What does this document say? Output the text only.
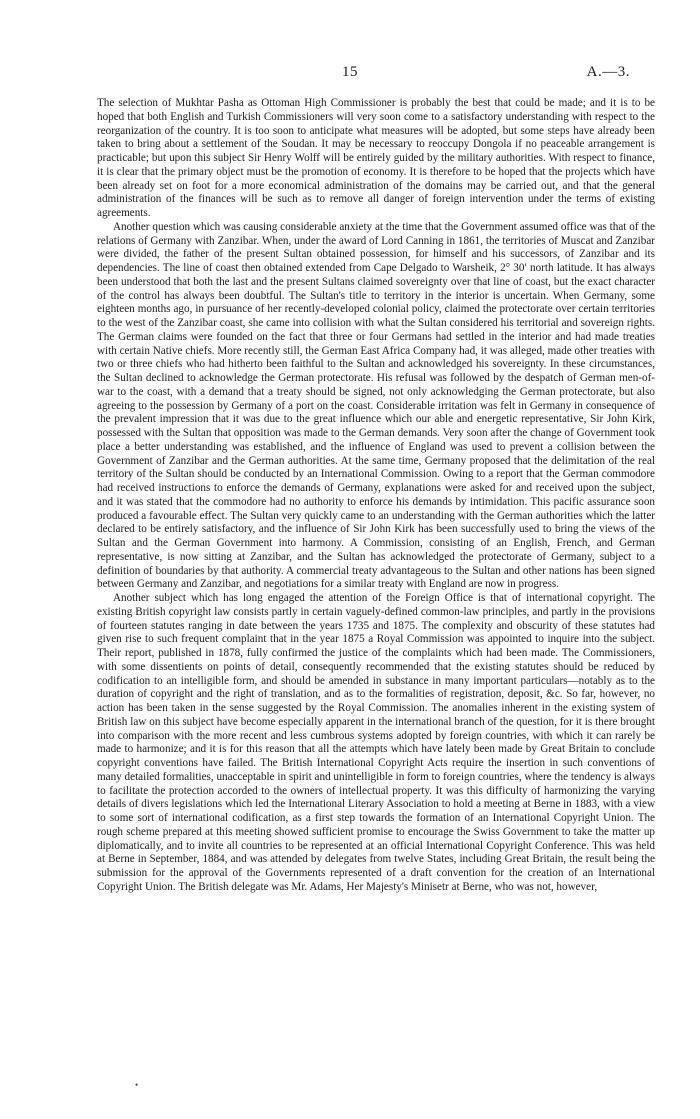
15	A.—3.

The selection of Mukhtar Pasha as Ottoman High Commissioner is probably the best that could be made; and it is to be hoped that both English and Turkish Commissioners will very soon come to a satisfactory understanding with respect to the reorganization of the country. It is too soon to anticipate what measures will be adopted, but some steps have already been taken to bring about a settlement of the Soudan. It may be necessary to reoccupy Dongola if no peaceable arrangement is practicable; but upon this subject Sir Henry Wolff will be entirely guided by the military authorities. With respect to finance, it is clear that the primary object must be the promotion of economy. It is therefore to be hoped that the projects which have been already set on foot for a more economical administration of the domains may be carried out, and that the general administration of the finances will be such as to remove all danger of foreign intervention under the terms of existing agreements.

Another question which was causing considerable anxiety at the time that the Government assumed office was that of the relations of Germany with Zanzibar. When, under the award of Lord Canning in 1861, the territories of Muscat and Zanzibar were divided, the father of the present Sultan obtained possession, for himself and his successors, of Zanzibar and its dependencies. The line of coast then obtained extended from Cape Delgado to Warsheik, 2° 30′ north latitude. It has always been understood that both the last and the present Sultans claimed sovereignty over that line of coast, but the exact character of the control has always been doubtful. The Sultan's title to territory in the interior is uncertain. When Germany, some eighteen months ago, in pursuance of her recently-developed colonial policy, claimed the protectorate over certain territories to the west of the Zanzibar coast, she came into collision with what the Sultan considered his territorial and sovereign rights. The German claims were founded on the fact that three or four Germans had settled in the interior and had made treaties with certain Native chiefs. More recently still, the German East Africa Company had, it was alleged, made other treaties with two or three chiefs who had hitherto been faithful to the Sultan and acknowledged his sovereignty. In these circumstances, the Sultan declined to acknowledge the German protectorate. His refusal was followed by the despatch of German men-of-war to the coast, with a demand that a treaty should be signed, not only acknowledging the German protectorate, but also agreeing to the possession by Germany of a port on the coast. Considerable irritation was felt in Germany in consequence of the prevalent impression that it was due to the great influence which our able and energetic representative, Sir John Kirk, possessed with the Sultan that opposition was made to the German demands. Very soon after the change of Government took place a better understanding was established, and the influence of England was used to prevent a collision between the Government of Zanzibar and the German authorities. At the same time, Germany proposed that the delimitation of the real territory of the Sultan should be conducted by an International Commission. Owing to a report that the German commodore had received instructions to enforce the demands of Germany, explanations were asked for and received upon the subject, and it was stated that the commodore had no authority to enforce his demands by intimidation. This pacific assurance soon produced a favourable effect. The Sultan very quickly came to an understanding with the German authorities which the latter declared to be entirely satisfactory, and the influence of Sir John Kirk has been successfully used to bring the views of the Sultan and the German Government into harmony. A Commission, consisting of an English, French, and German representative, is now sitting at Zanzibar, and the Sultan has acknowledged the protectorate of Germany, subject to a definition of boundaries by that authority. A commercial treaty advantageous to the Sultan and other nations has been signed between Germany and Zanzibar, and negotiations for a similar treaty with England are now in progress.

Another subject which has long engaged the attention of the Foreign Office is that of international copyright. The existing British copyright law consists partly in certain vaguely-defined common-law principles, and partly in the provisions of fourteen statutes ranging in date between the years 1735 and 1875. The complexity and obscurity of these statutes had given rise to such frequent complaint that in the year 1875 a Royal Commission was appointed to inquire into the subject. Their report, published in 1878, fully confirmed the justice of the complaints which had been made. The Commissioners, with some dissentients on points of detail, consequently recommended that the existing statutes should be reduced by codification to an intelligible form, and should be amended in substance in many important particulars—notably as to the duration of copyright and the right of translation, and as to the formalities of registration, deposit, &c. So far, however, no action has been taken in the sense suggested by the Royal Commission. The anomalies inherent in the existing system of British law on this subject have become especially apparent in the international branch of the question, for it is there brought into comparison with the more recent and less cumbrous systems adopted by foreign countries, with which it can rarely be made to harmonize; and it is for this reason that all the attempts which have lately been made by Great Britain to conclude copyright conventions have failed. The British International Copyright Acts require the insertion in such conventions of many detailed formalities, unacceptable in spirit and unintelligible in form to foreign countries, where the tendency is always to facilitate the protection accorded to the owners of intellectual property. It was this difficulty of harmonizing the varying details of divers legislations which led the International Literary Association to hold a meeting at Berne in 1883, with a view to some sort of international codification, as a first step towards the formation of an International Copyright Union. The rough scheme prepared at this meeting showed sufficient promise to encourage the Swiss Government to take the matter up diplomatically, and to invite all countries to be represented at an official International Copyright Conference. This was held at Berne in September, 1884, and was attended by delegates from twelve States, including Great Britain, the result being the submission for the approval of the Governments represented of a draft convention for the creation of an International Copyright Union. The British delegate was Mr. Adams, Her Majesty's Minisetr at Berne, who was not, however,

•
